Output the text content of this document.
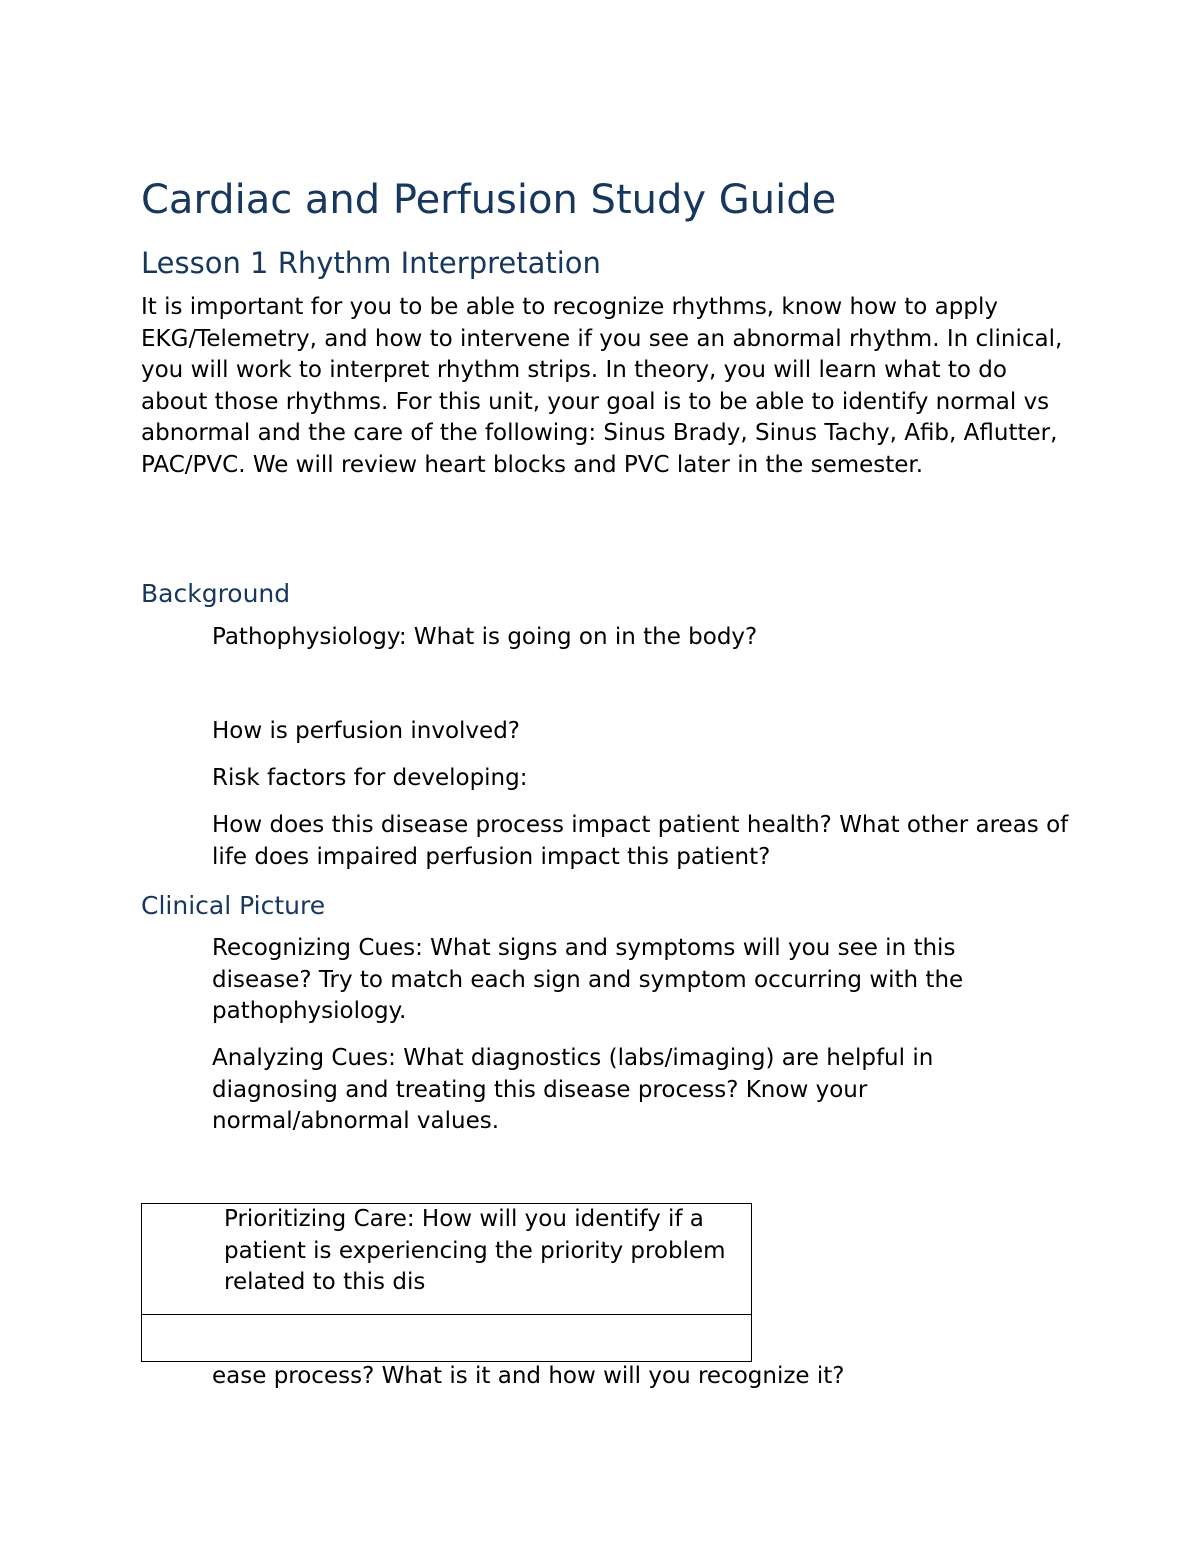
Cardiac and Perfusion Study Guide
Lesson 1 Rhythm Interpretation

It is important for you to be able to recognize rhythms, know how to apply EKG/Telemetry, and how to intervene if you see an abnormal rhythm. In clinical, you will work to interpret rhythm strips. In theory, you will learn what to do about those rhythms. For this unit, your goal is to be able to identify normal vs abnormal and the care of the following: Sinus Brady, Sinus Tachy, Afib, Aflutter, PAC/PVC. We will review heart blocks and PVC later in the semester.

Background

Pathophysiology: What is going on in the body?

How is perfusion involved?

Risk factors for developing:

How does this disease process impact patient health? What other areas of life does impaired perfusion impact this patient?

Clinical Picture

Recognizing Cues: What signs and symptoms will you see in this disease? Try to match each sign and symptom occurring with the pathophysiology.

Analyzing Cues: What diagnostics (labs/imaging) are helpful in diagnosing and treating this disease process? Know your normal/abnormal values.

Prioritizing Care: How will you identify if a patient is experiencing the priority problem related to this dis

ease process? What is it and how will you recognize it?
